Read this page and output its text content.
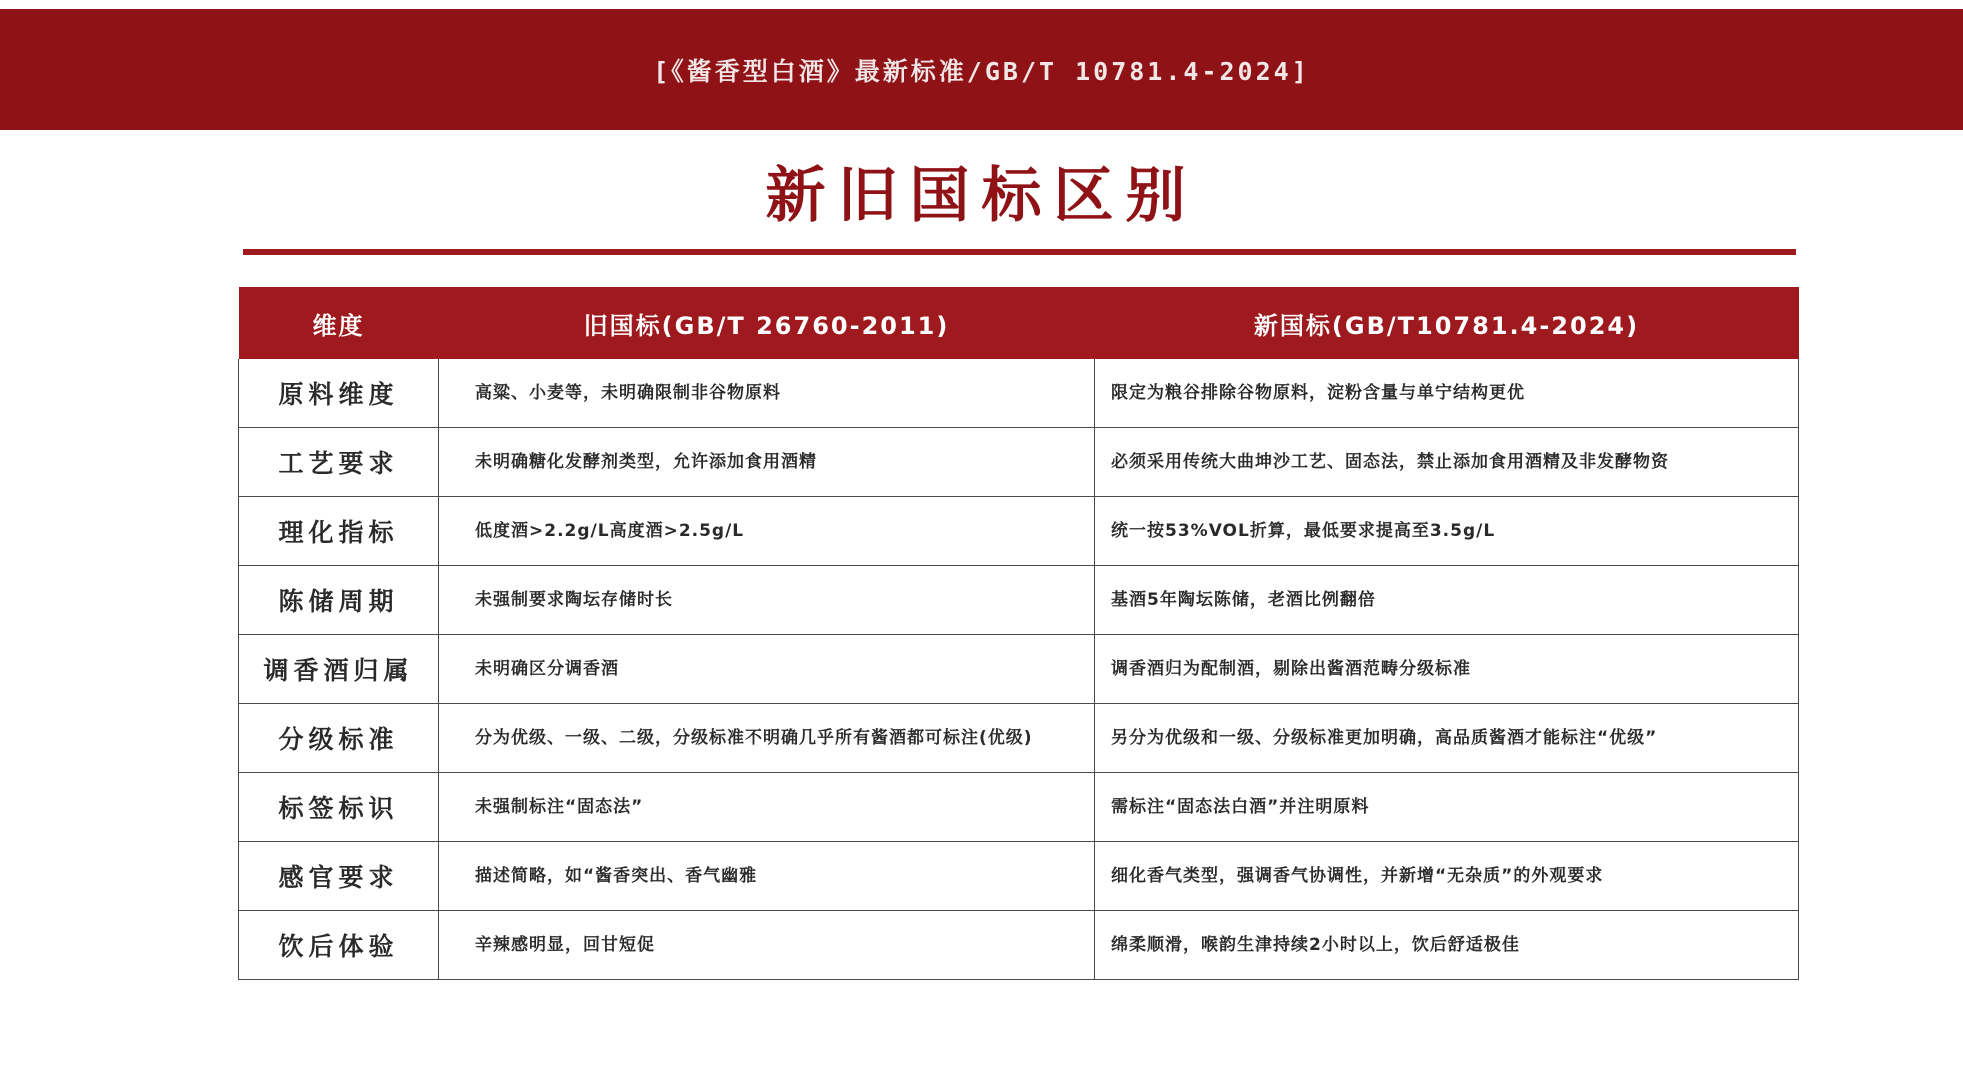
[《酱香型白酒》最新标准/GB/T 10781.4-2024]
新旧国标区别
维度	旧国标(GB/T 26760-2011)	新国标(GB/T10781.4-2024)
原料维度	高粱、小麦等，未明确限制非谷物原料	限定为粮谷排除谷物原料，淀粉含量与单宁结构更优
工艺要求	未明确糖化发酵剂类型，允许添加食用酒精	必须采用传统大曲坤沙工艺、固态法，禁止添加食用酒精及非发酵物资
理化指标	低度酒>2.2g/L高度酒>2.5g/L	统一按53%VOL折算，最低要求提高至3.5g/L
陈储周期	未强制要求陶坛存储时长	基酒5年陶坛陈储，老酒比例翻倍
调香酒归属	未明确区分调香酒	调香酒归为配制酒，剔除出酱酒范畴分级标准
分级标准	分为优级、一级、二级，分级标准不明确几乎所有酱酒都可标注(优级)	另分为优级和一级、分级标准更加明确，高品质酱酒才能标注“优级”
标签标识	未强制标注“固态法”	需标注“固态法白酒”并注明原料
感官要求	描述简略，如“酱香突出、香气幽雅	细化香气类型，强调香气协调性，并新增“无杂质”的外观要求
饮后体验	辛辣感明显，回甘短促	绵柔顺滑，喉韵生津持续2小时以上，饮后舒适极佳
